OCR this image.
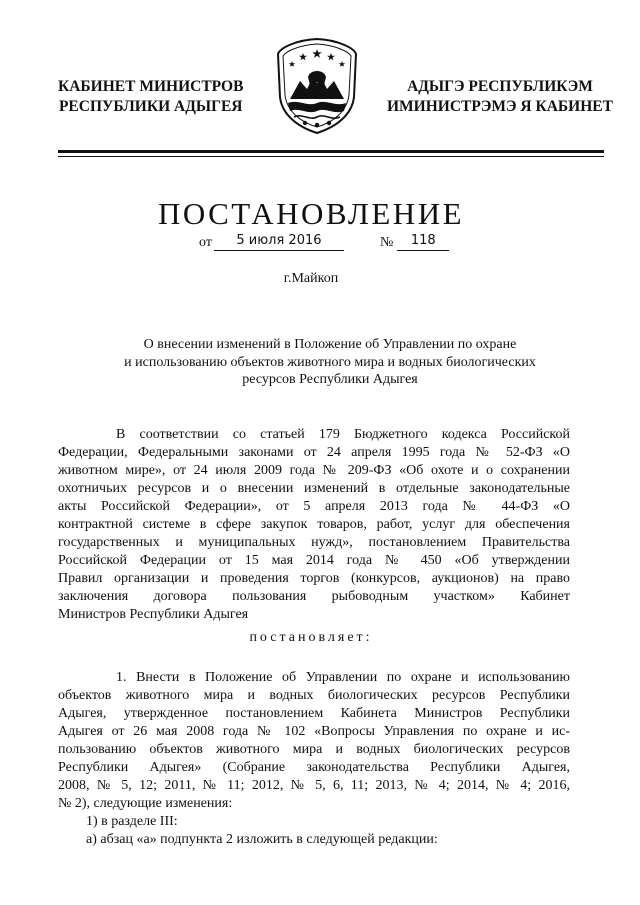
КАБИНЕТ МИНИСТРОВ
РЕСПУБЛИКИ АДЫГЕЯ
АДЫГЭ РЕСПУБЛИКЭМ
ИМИНИСТРЭМЭ Я КАБИНЕТ
ПОСТАНОВЛЕНИЕ
от 5 июля 2016	№ 118
г.Майкоп
О внесении изменений в Положение об Управлении по охране
и использованию объектов животного мира и водных биологических
ресурсов Республики Адыгея
В соответствии со статьей 179 Бюджетного кодекса Российской
Федерации, Федеральными законами от 24 апреля 1995 года № 52-ФЗ «О
животном мире», от 24 июля 2009 года № 209-ФЗ «Об охоте и о сохранении
охотничьих ресурсов и о внесении изменений в отдельные законодательные
акты Российской Федерации», от 5 апреля 2013 года № 44-ФЗ «О
контрактной системе в сфере закупок товаров, работ, услуг для обеспечения
государственных и муниципальных нужд», постановлением Правительства
Российской Федерации от 15 мая 2014 года № 450 «Об утверждении
Правил организации и проведения торгов (конкурсов, аукционов) на право
заключения договора пользования рыбоводным участком» Кабинет
Министров Республики Адыгея
постановляет:
1. Внести в Положение об Управлении по охране и использованию
объектов животного мира и водных биологических ресурсов Республики
Адыгея, утвержденное постановлением Кабинета Министров Республики
Адыгея от 26 мая 2008 года № 102 «Вопросы Управления по охране и ис-
пользованию объектов животного мира и водных биологических ресурсов
Республики Адыгея» (Собрание законодательства Республики Адыгея,
2008, № 5, 12; 2011, № 11; 2012, № 5, 6, 11; 2013, № 4; 2014, № 4; 2016,
№ 2), следующие изменения:
1) в разделе III:
а) абзац «а» подпункта 2 изложить в следующей редакции:
